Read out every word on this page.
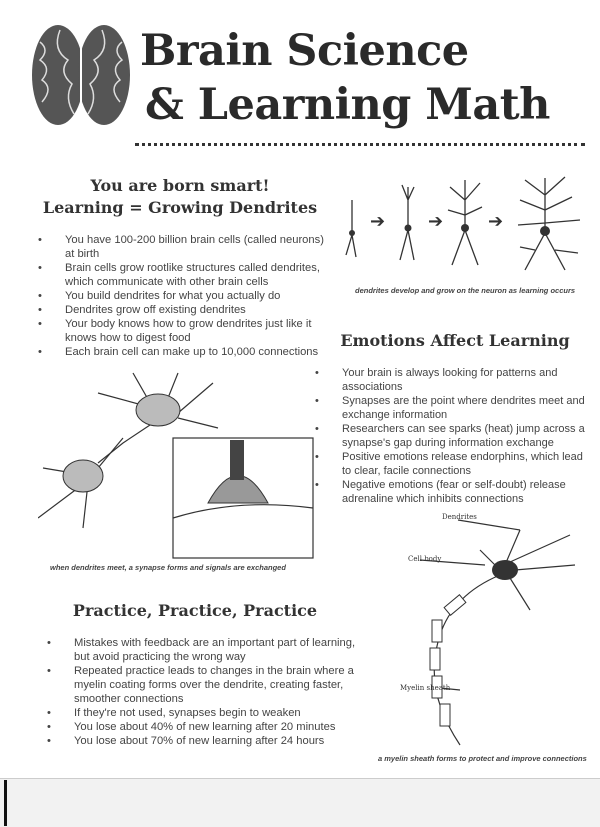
Brain Science
& Learning Math
You are born smart!
Learning = Growing Dendrites
• You have 100-200 billion brain cells (called neurons) at birth
• Brain cells grow rootlike structures called dendrites, which communicate with other brain cells
• You build dendrites for what you actually do
• Dendrites grow off existing dendrites
• Your body knows how to grow dendrites just like it knows how to digest food
• Each brain cell can make up to 10,000 connections
➔ ➔ ➔
dendrites develop and grow on the neuron as learning occurs
Emotions Affect Learning
• Your brain is always looking for patterns and associations
• Synapses are the point where dendrites meet and exchange information
• Researchers can see sparks (heat) jump across a synapse's gap during information exchange
• Positive emotions release endorphins, which lead to clear, facile connections
• Negative emotions (fear or self-doubt) release adrenaline which inhibits connections
when dendrites meet, a synapse forms and signals are exchanged
Practice, Practice, Practice
• Mistakes with feedback are an important part of learning, but avoid practicing the wrong way
• Repeated practice leads to changes in the brain where a myelin coating forms over the dendrite, creating faster, smoother connections
• If they're not used, synapses begin to weaken
• You lose about 40% of new learning after 20 minutes
• You lose about 70% of new learning after 24 hours
Dendrites
Cell body
Myelin sheath
a myelin sheath forms to protect and improve connections
